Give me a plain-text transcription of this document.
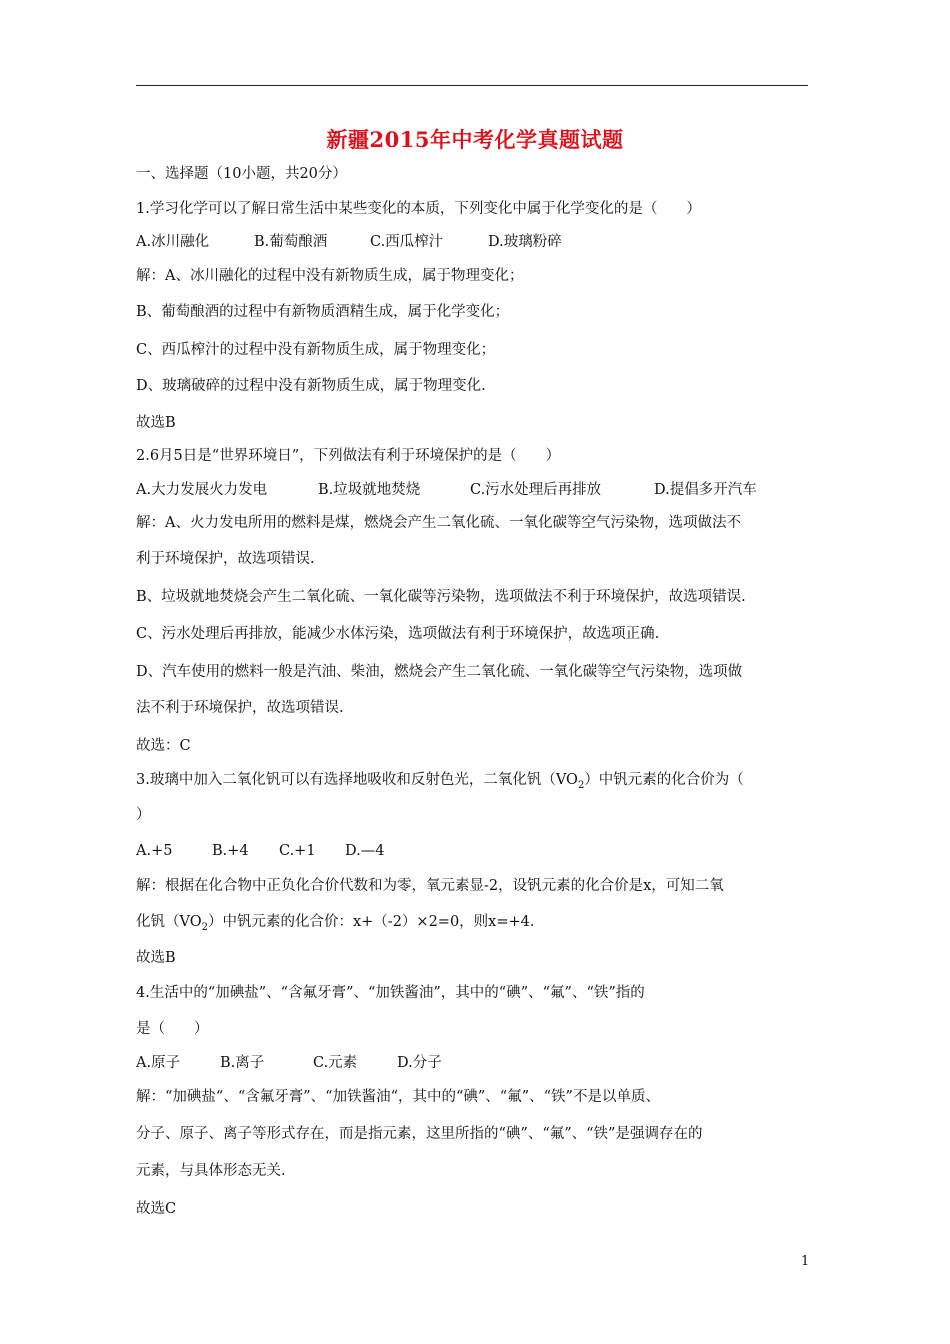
新疆2015年中考化学真题试题
一、选择题（10小题，共20分）
1.学习化学可以了解日常生活中某些变化的本质，下列变化中属于化学变化的是（　　）
A.冰川融化	B.葡萄酿酒	C.西瓜榨汁	D.玻璃粉碎
解：A、冰川融化的过程中没有新物质生成，属于物理变化；
B、葡萄酿酒的过程中有新物质酒精生成，属于化学变化；
C、西瓜榨汁的过程中没有新物质生成，属于物理变化；
D、玻璃破碎的过程中没有新物质生成，属于物理变化.
故选B
2.6月5日是“世界环境日”，下列做法有利于环境保护的是（　　）
A.大力发展火力发电	B.垃圾就地焚烧	C.污水处理后再排放	D.提倡多开汽车
解：A、火力发电所用的燃料是煤，燃烧会产生二氧化硫、一氧化碳等空气污染物，选项做法不
利于环境保护，故选项错误.
B、垃圾就地焚烧会产生二氧化硫、一氧化碳等污染物，选项做法不利于环境保护，故选项错误.
C、污水处理后再排放，能减少水体污染，选项做法有利于环境保护，故选项正确.
D、汽车使用的燃料一般是汽油、柴油，燃烧会产生二氧化硫、一氧化碳等空气污染物，选项做
法不利于环境保护，故选项错误.
故选：C
3.玻璃中加入二氧化钒可以有选择地吸收和反射色光，二氧化钒$(VO_2)$中钒元素的化合价为（
）
A.+5	B.+4 C.+1 D.—4
解：根据在化合物中正负化合价代数和为零，氧元素显-2，设钒元素的化合价是x，可知二氧
化钒$(VO_2)$中钒元素的化合价：x+（-2）×2=0，则x=+4.
故选B
4.生活中的“加碘盐”、“含氟牙膏”、“加铁酱油”，其中的“碘”、“氟”、“铁”指的
是（　　）
A.原子	B.离子	C.元素	D.分子
解：“加碘盐“、“含氟牙膏”、“加铁酱油“，其中的“碘”、“氟”、“铁”不是以单质、
分子、原子、离子等形式存在，而是指元素，这里所指的“碘”、“氟”、“铁”是强调存在的
元素，与具体形态无关.
故选C
1
